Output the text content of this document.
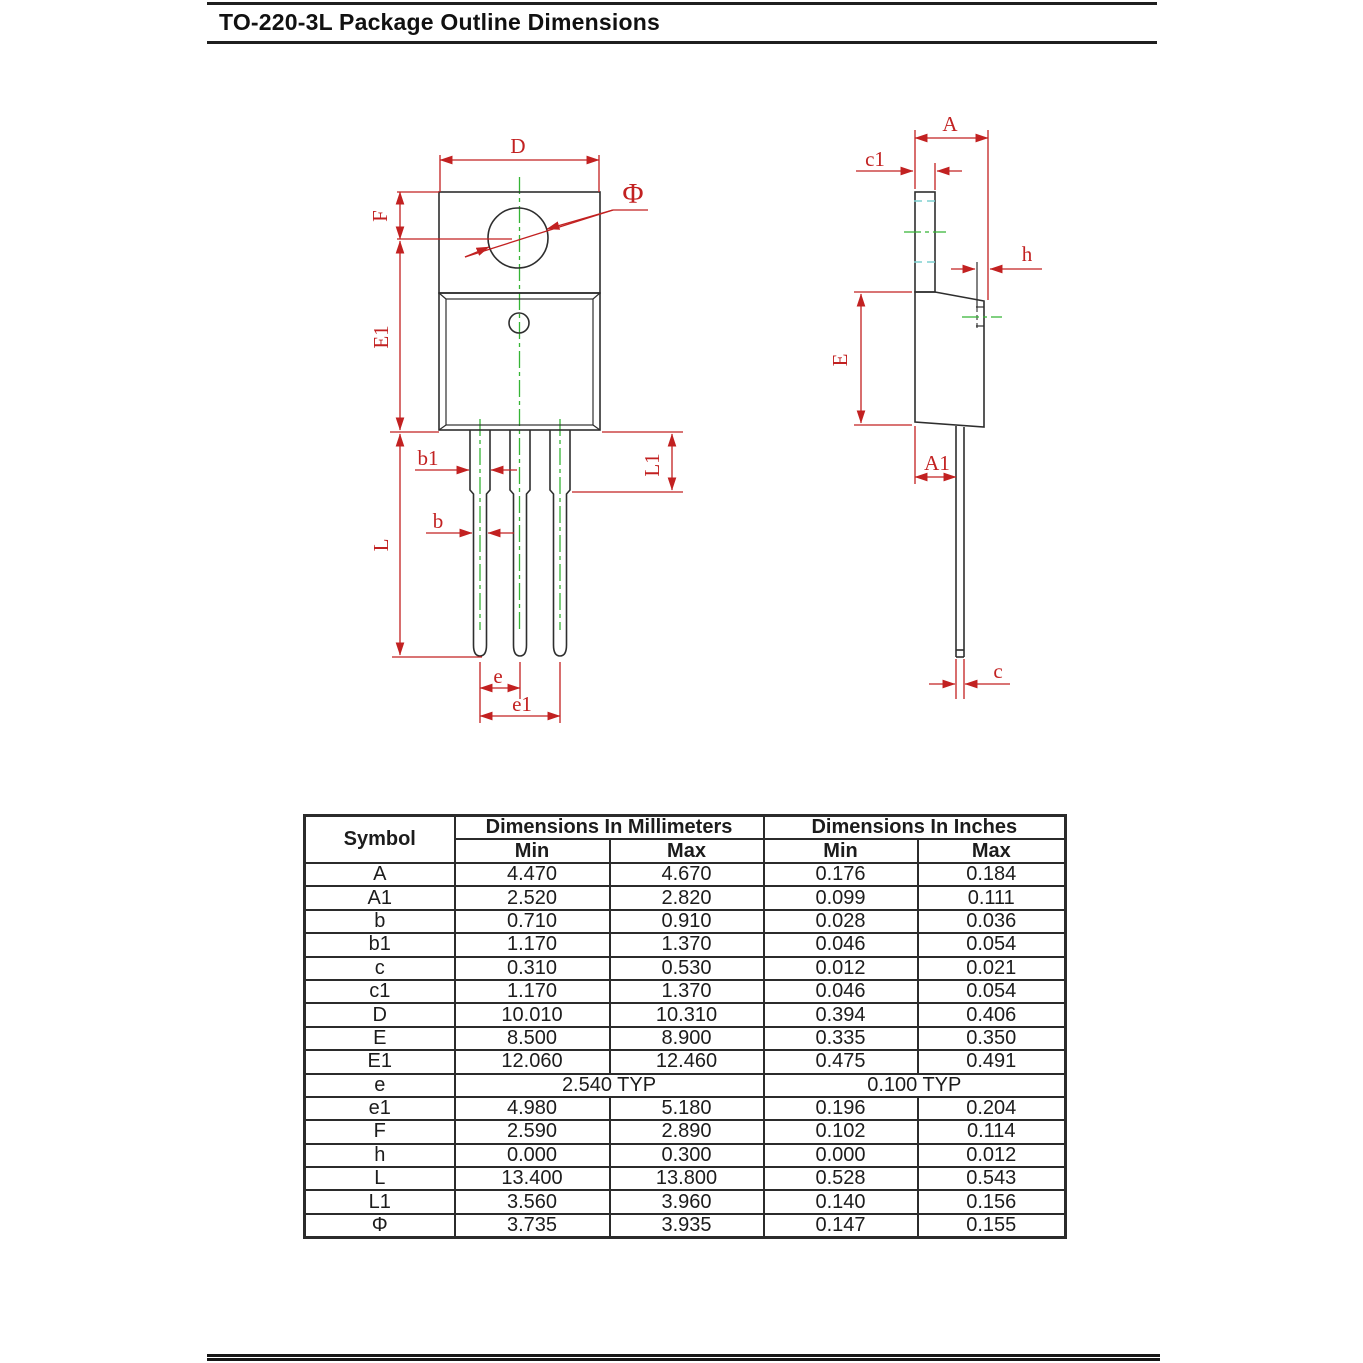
TO-220-3L Package Outline Dimensions
D
Φ
F
E1
b1
b
L
L1
e
e1
A
c1
h
E
A1
c
Symbol	Dimensions In Millimeters		Dimensions In Inches	
	Min	Max	Min	Max
A	4.470	4.670	0.176	0.184
A1	2.520	2.820	0.099	0.111
b	0.710	0.910	0.028	0.036
b1	1.170	1.370	0.046	0.054
c	0.310	0.530	0.012	0.021
c1	1.170	1.370	0.046	0.054
D	10.010	10.310	0.394	0.406
E	8.500	8.900	0.335	0.350
E1	12.060	12.460	0.475	0.491
e	2.540 TYP		0.100 TYP	
e1	4.980	5.180	0.196	0.204
F	2.590	2.890	0.102	0.114
h	0.000	0.300	0.000	0.012
L	13.400	13.800	0.528	0.543
L1	3.560	3.960	0.140	0.156
Φ	3.735	3.935	0.147	0.155
